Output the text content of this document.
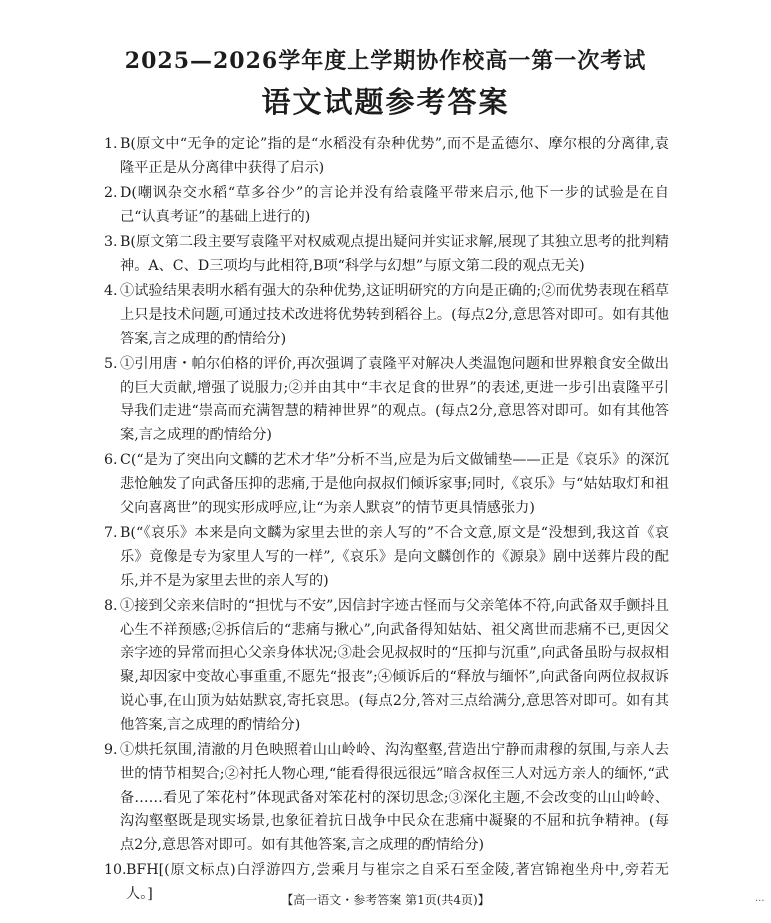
2025—2026学年度上学期协作校高一第一次考试
语文试题参考答案
1. B(原文中“无争的定论”指的是“水稻没有杂种优势”,而不是孟德尔、摩尔根的分离律,袁隆平正是从分离律中获得了启示)
2. D(嘲讽杂交水稻“草多谷少”的言论并没有给袁隆平带来启示,他下一步的试验是在自己“认真考证”的基础上进行的)
3. B(原文第二段主要写袁隆平对权威观点提出疑问并实证求解,展现了其独立思考的批判精神。A、C、D三项均与此相符,B项“科学与幻想”与原文第二段的观点无关)
4. ①试验结果表明水稻有强大的杂种优势,这证明研究的方向是正确的;②而优势表现在稻草上只是技术问题,可通过技术改进将优势转到稻谷上。(每点2分,意思答对即可。如有其他答案,言之成理的酌情给分)
5. ①引用唐・帕尔伯格的评价,再次强调了袁隆平对解决人类温饱问题和世界粮食安全做出的巨大贡献,增强了说服力;②并由其中“丰衣足食的世界”的表述,更进一步引出袁隆平引导我们走进“崇高而充满智慧的精神世界”的观点。(每点2分,意思答对即可。如有其他答案,言之成理的酌情给分)
6. C(“是为了突出向文麟的艺术才华”分析不当,应是为后文做铺垫——正是《哀乐》的深沉悲怆触发了向武备压抑的悲痛,于是他向叔叔们倾诉家事;同时,《哀乐》与“姑姑取灯和祖父向喜离世”的现实形成呼应,让“为亲人默哀”的情节更具情感张力)
7. B(“《哀乐》本来是向文麟为家里去世的亲人写的”不合文意,原文是“没想到,我这首《哀乐》竟像是专为家里人写的一样”,《哀乐》是向文麟创作的《源泉》剧中送葬片段的配乐,并不是为家里去世的亲人写的)
8. ①接到父亲来信时的“担忧与不安”,因信封字迹古怪而与父亲笔体不符,向武备双手颤抖且心生不祥预感;②拆信后的“悲痛与揪心”,向武备得知姑姑、祖父离世而悲痛不已,更因父亲字迹的异常而担心父亲身体状况;③赴会见叔叔时的“压抑与沉重”,向武备虽盼与叔叔相聚,却因家中变故心事重重,不愿先“报丧”;④倾诉后的“释放与缅怀”,向武备向两位叔叔诉说心事,在山顶为姑姑默哀,寄托哀思。(每点2分,答对三点给满分,意思答对即可。如有其他答案,言之成理的酌情给分)
9. ①烘托氛围,清澈的月色映照着山山岭岭、沟沟壑壑,营造出宁静而肃穆的氛围,与亲人去世的情节相契合;②衬托人物心理,“能看得很远很远”暗含叔侄三人对远方亲人的缅怀,“武备……看见了笨花村”体现武备对笨花村的深切思念;③深化主题,不会改变的山山岭岭、沟沟壑壑既是现实场景,也象征着抗日战争中民众在悲痛中凝聚的不屈和抗争精神。(每点2分,意思答对即可。如有其他答案,言之成理的酌情给分)
10. BFH[(原文标点)白浮游四方,尝乘月与崔宗之自采石至金陵,著宫锦袍坐舟中,旁若无人。]	【高一语文・参考答案 第1页(共4页)】	...
